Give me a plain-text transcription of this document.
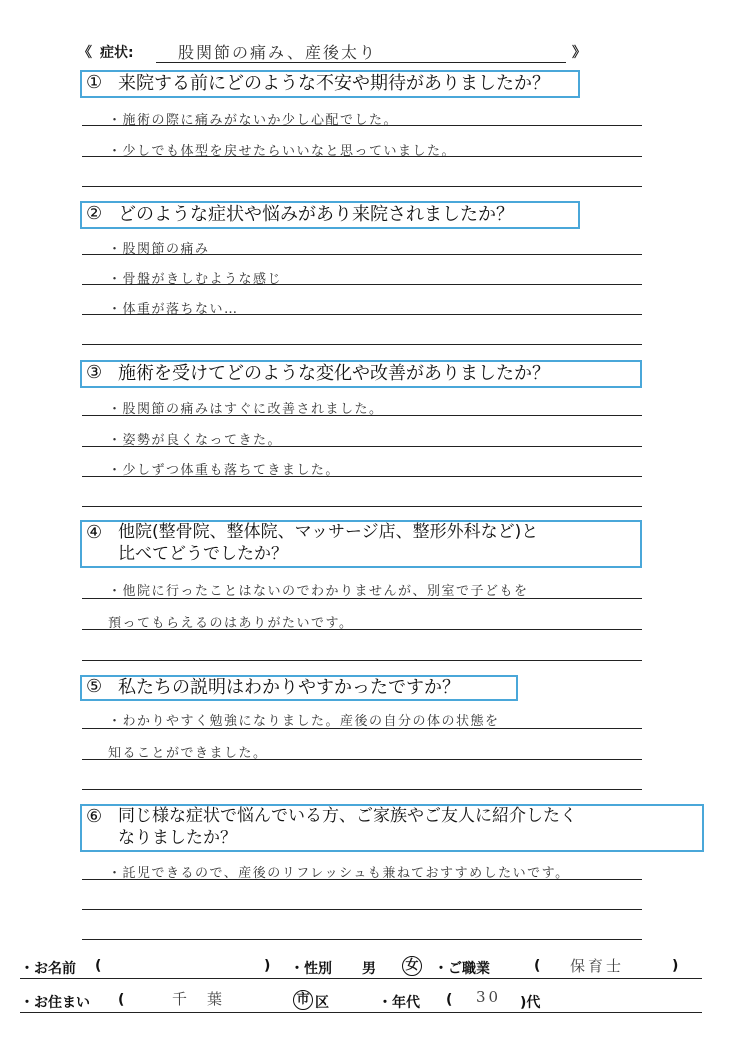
《 症状:	股関節の痛み、産後太り	》
① 来院する前にどのような不安や期待がありましたか？
・施術の際に痛みがないか少し心配でした。
・少しでも体型を戻せたらいいなと思っていました。
② どのような症状や悩みがあり来院されましたか？
・股関節の痛み
・骨盤がきしむような感じ
・体重が落ちない…
③ 施術を受けてどのような変化や改善がありましたか？
・股関節の痛みはすぐに改善されました。
・姿勢が良くなってきた。
・少しずつ体重も落ちてきました。
④ 他院(整骨院、整体院、マッサージ店、整形外科など)と
比べてどうでしたか？
・他院に行ったことはないのでわかりませんが、別室で子どもを
預ってもらえるのはありがたいです。
⑤ 私たちの説明はわかりやすかったですか？
・わかりやすく勉強になりました。産後の自分の体の状態を
知ることができました。
⑥ 同じ様な症状で悩んでいる方、ご家族やご友人に紹介したく
なりましたか？
・託児できるので、産後のリフレッシュも兼ねておすすめしたいです。
・お名前 (	) ・性別 男 女 ・ご職業	( 保育士	)
・お住まい (	千葉	市 区	・年代 ( 30 )代
